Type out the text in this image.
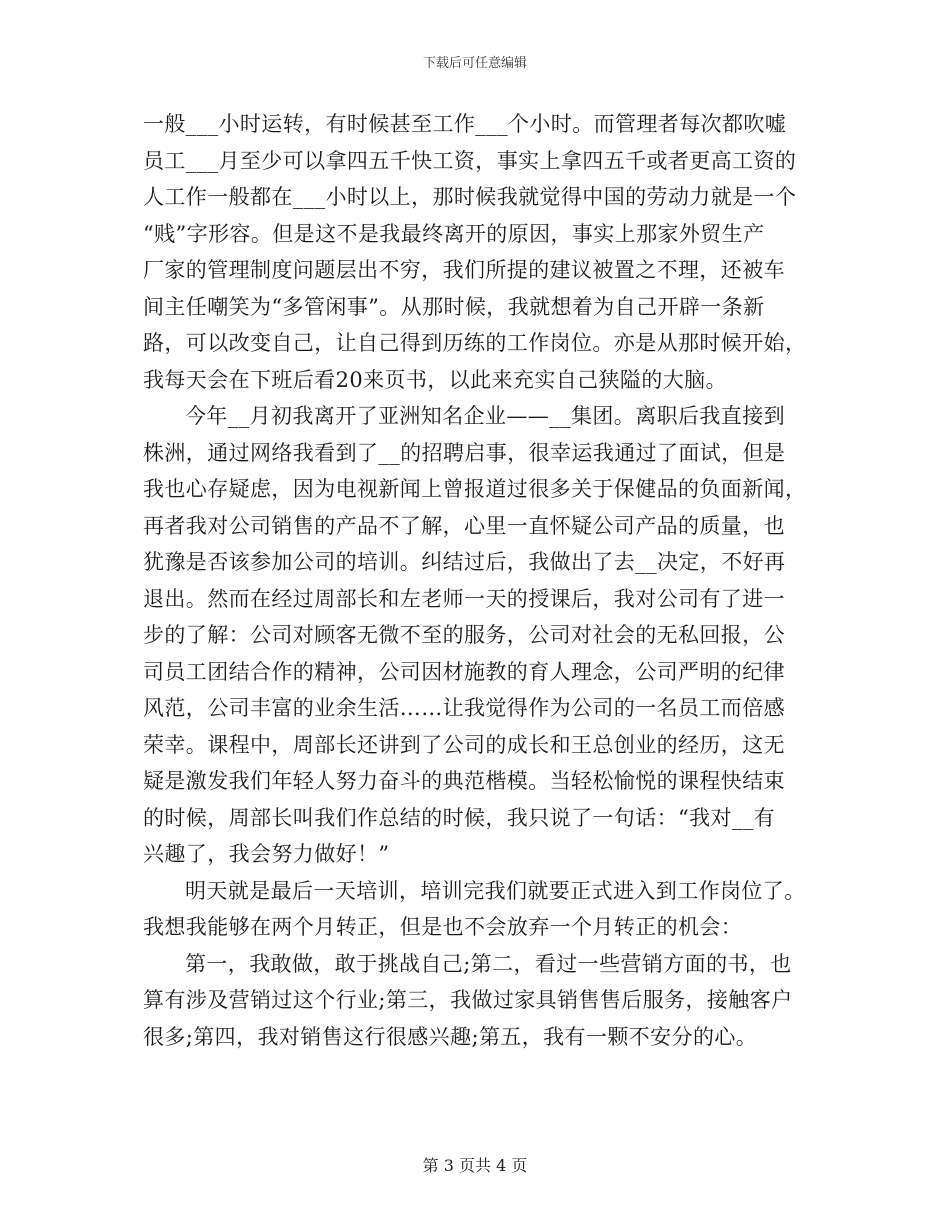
下载后可任意编辑
一般___小时运转，有时候甚至工作___个小时。而管理者每次都吹嘘
员工___月至少可以拿四五千快工资，事实上拿四五千或者更高工资的
人工作一般都在___小时以上，那时候我就觉得中国的劳动力就是一个
“贱”字形容。但是这不是我最终离开的原因，事实上那家外贸生产
厂家的管理制度问题层出不穷，我们所提的建议被置之不理，还被车
间主任嘲笑为“多管闲事”。从那时候，我就想着为自己开辟一条新
路，可以改变自己，让自己得到历练的工作岗位。亦是从那时候开始，
我每天会在下班后看20来页书，以此来充实自己狭隘的大脑。
今年__月初我离开了亚洲知名企业——__集团。离职后我直接到
株洲，通过网络我看到了__的招聘启事，很幸运我通过了面试，但是
我也心存疑虑，因为电视新闻上曾报道过很多关于保健品的负面新闻，
再者我对公司销售的产品不了解，心里一直怀疑公司产品的质量，也
犹豫是否该参加公司的培训。纠结过后，我做出了去__决定，不好再
退出。然而在经过周部长和左老师一天的授课后，我对公司有了进一
步的了解：公司对顾客无微不至的服务，公司对社会的无私回报，公
司员工团结合作的精神，公司因材施教的育人理念，公司严明的纪律
风范，公司丰富的业余生活……让我觉得作为公司的一名员工而倍感
荣幸。课程中，周部长还讲到了公司的成长和王总创业的经历，这无
疑是激发我们年轻人努力奋斗的典范楷模。当轻松愉悦的课程快结束
的时候，周部长叫我们作总结的时候，我只说了一句话：“我对__有
兴趣了，我会努力做好！”
明天就是最后一天培训，培训完我们就要正式进入到工作岗位了。
我想我能够在两个月转正，但是也不会放弃一个月转正的机会：
第一，我敢做，敢于挑战自己;第二，看过一些营销方面的书，也
算有涉及营销过这个行业;第三，我做过家具销售售后服务，接触客户
很多;第四，我对销售这行很感兴趣;第五，我有一颗不安分的心。
第 3 页共 4 页
